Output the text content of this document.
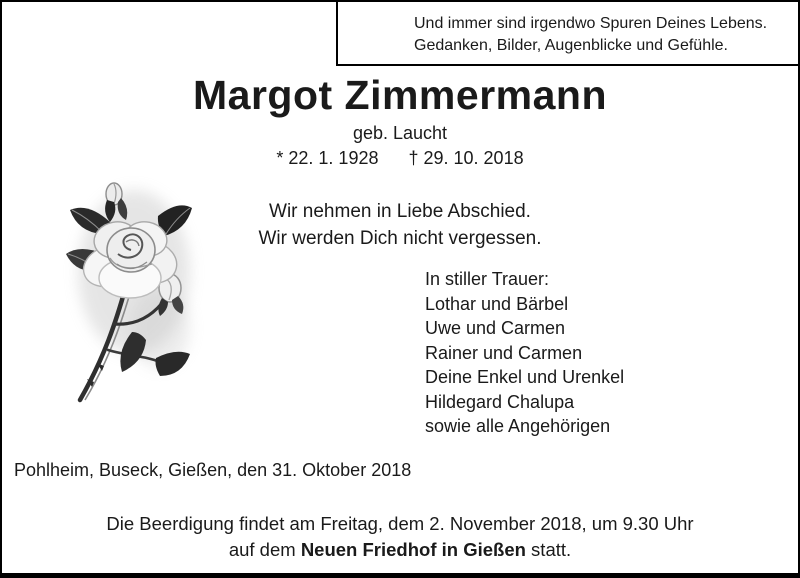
Und immer sind irgendwo Spuren Deines Lebens.
Gedanken, Bilder, Augenblicke und Gefühle.
Margot Zimmermann
geb. Laucht
* 22. 1. 1928 † 29. 10. 2018
Wir nehmen in Liebe Abschied.
Wir werden Dich nicht vergessen.
In stiller Trauer:
Lothar und Bärbel
Uwe und Carmen
Rainer und Carmen
Deine Enkel und Urenkel
Hildegard Chalupa
sowie alle Angehörigen
Pohlheim, Buseck, Gießen, den 31. Oktober 2018
Die Beerdigung findet am Freitag, dem 2. November 2018, um 9.30 Uhr
auf dem Neuen Friedhof in Gießen statt.
